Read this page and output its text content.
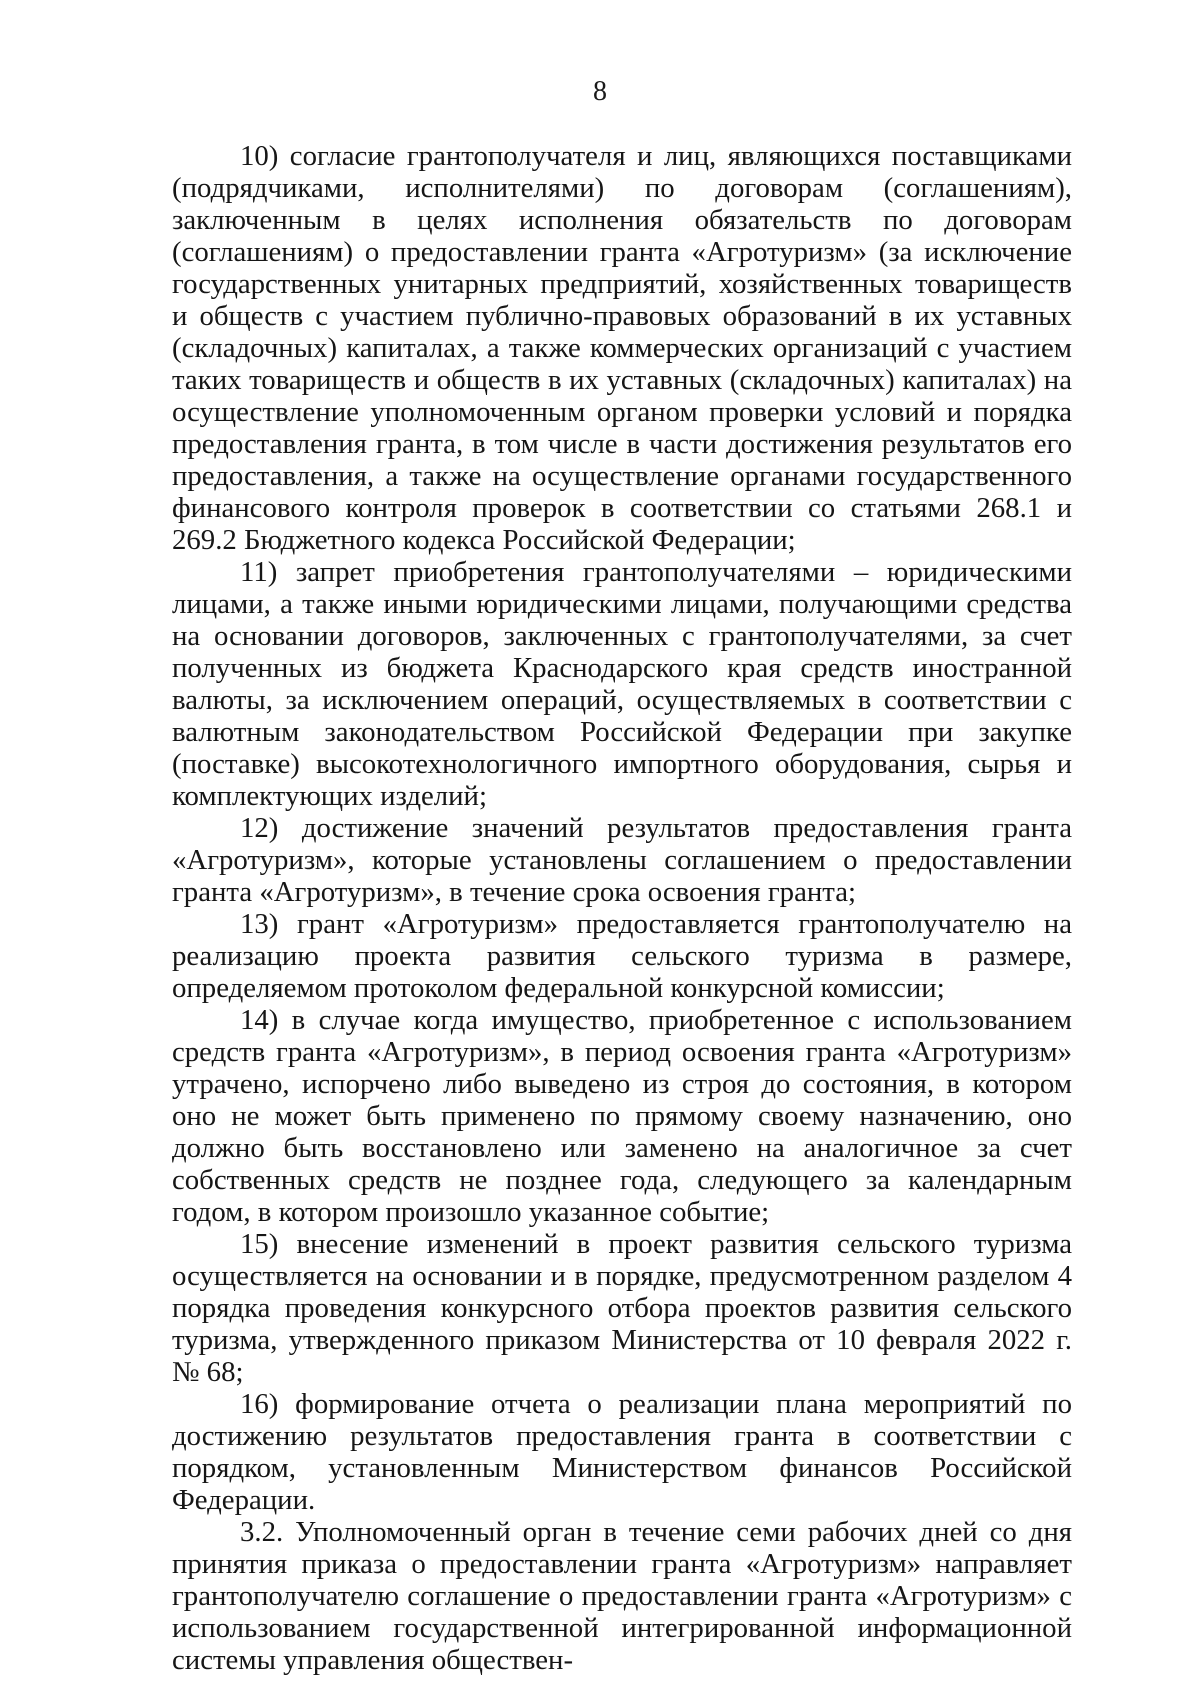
8

10) согласие грантополучателя и лиц, являющихся поставщиками (подрядчиками, исполнителями) по договорам (соглашениям), заключенным в целях исполнения обязательств по договорам (соглашениям) о предоставлении гранта «Агротуризм» (за исключение государственных унитарных предприятий, хозяйственных товариществ и обществ с участием публично-правовых образований в их уставных (складочных) капиталах, а также коммерческих организаций с участием таких товариществ и обществ в их уставных (складочных) капиталах) на осуществление уполномоченным органом проверки условий и порядка предоставления гранта, в том числе в части достижения результатов его предоставления, а также на осуществление органами государственного финансового контроля проверок в соответствии со статьями 268.1 и 269.2 Бюджетного кодекса Российской Федерации;

11) запрет приобретения грантополучателями – юридическими лицами, а также иными юридическими лицами, получающими средства на основании договоров, заключенных с грантополучателями, за счет полученных из бюджета Краснодарского края средств иностранной валюты, за исключением операций, осуществляемых в соответствии с валютным законодательством Российской Федерации при закупке (поставке) высокотехнологичного импортного оборудования, сырья и комплектующих изделий;

12) достижение значений результатов предоставления гранта «Агротуризм», которые установлены соглашением о предоставлении гранта «Агротуризм», в течение срока освоения гранта;

13) грант «Агротуризм» предоставляется грантополучателю на реализацию проекта развития сельского туризма в размере, определяемом протоколом федеральной конкурсной комиссии;

14) в случае когда имущество, приобретенное с использованием средств гранта «Агротуризм», в период освоения гранта «Агротуризм» утрачено, испорчено либо выведено из строя до состояния, в котором оно не может быть применено по прямому своему назначению, оно должно быть восстановлено или заменено на аналогичное за счет собственных средств не позднее года, следующего за календарным годом, в котором произошло указанное событие;

15) внесение изменений в проект развития сельского туризма осуществляется на основании и в порядке, предусмотренном разделом 4 порядка проведения конкурсного отбора проектов развития сельского туризма, утвержденного приказом Министерства от 10 февраля 2022 г. № 68;

16) формирование отчета о реализации плана мероприятий по достижению результатов предоставления гранта в соответствии с порядком, установленным Министерством финансов Российской Федерации.

3.2. Уполномоченный орган в течение семи рабочих дней со дня принятия приказа о предоставлении гранта «Агротуризм» направляет грантополучателю соглашение о предоставлении гранта «Агротуризм» с использованием государственной интегрированной информационной системы управления обществен-
